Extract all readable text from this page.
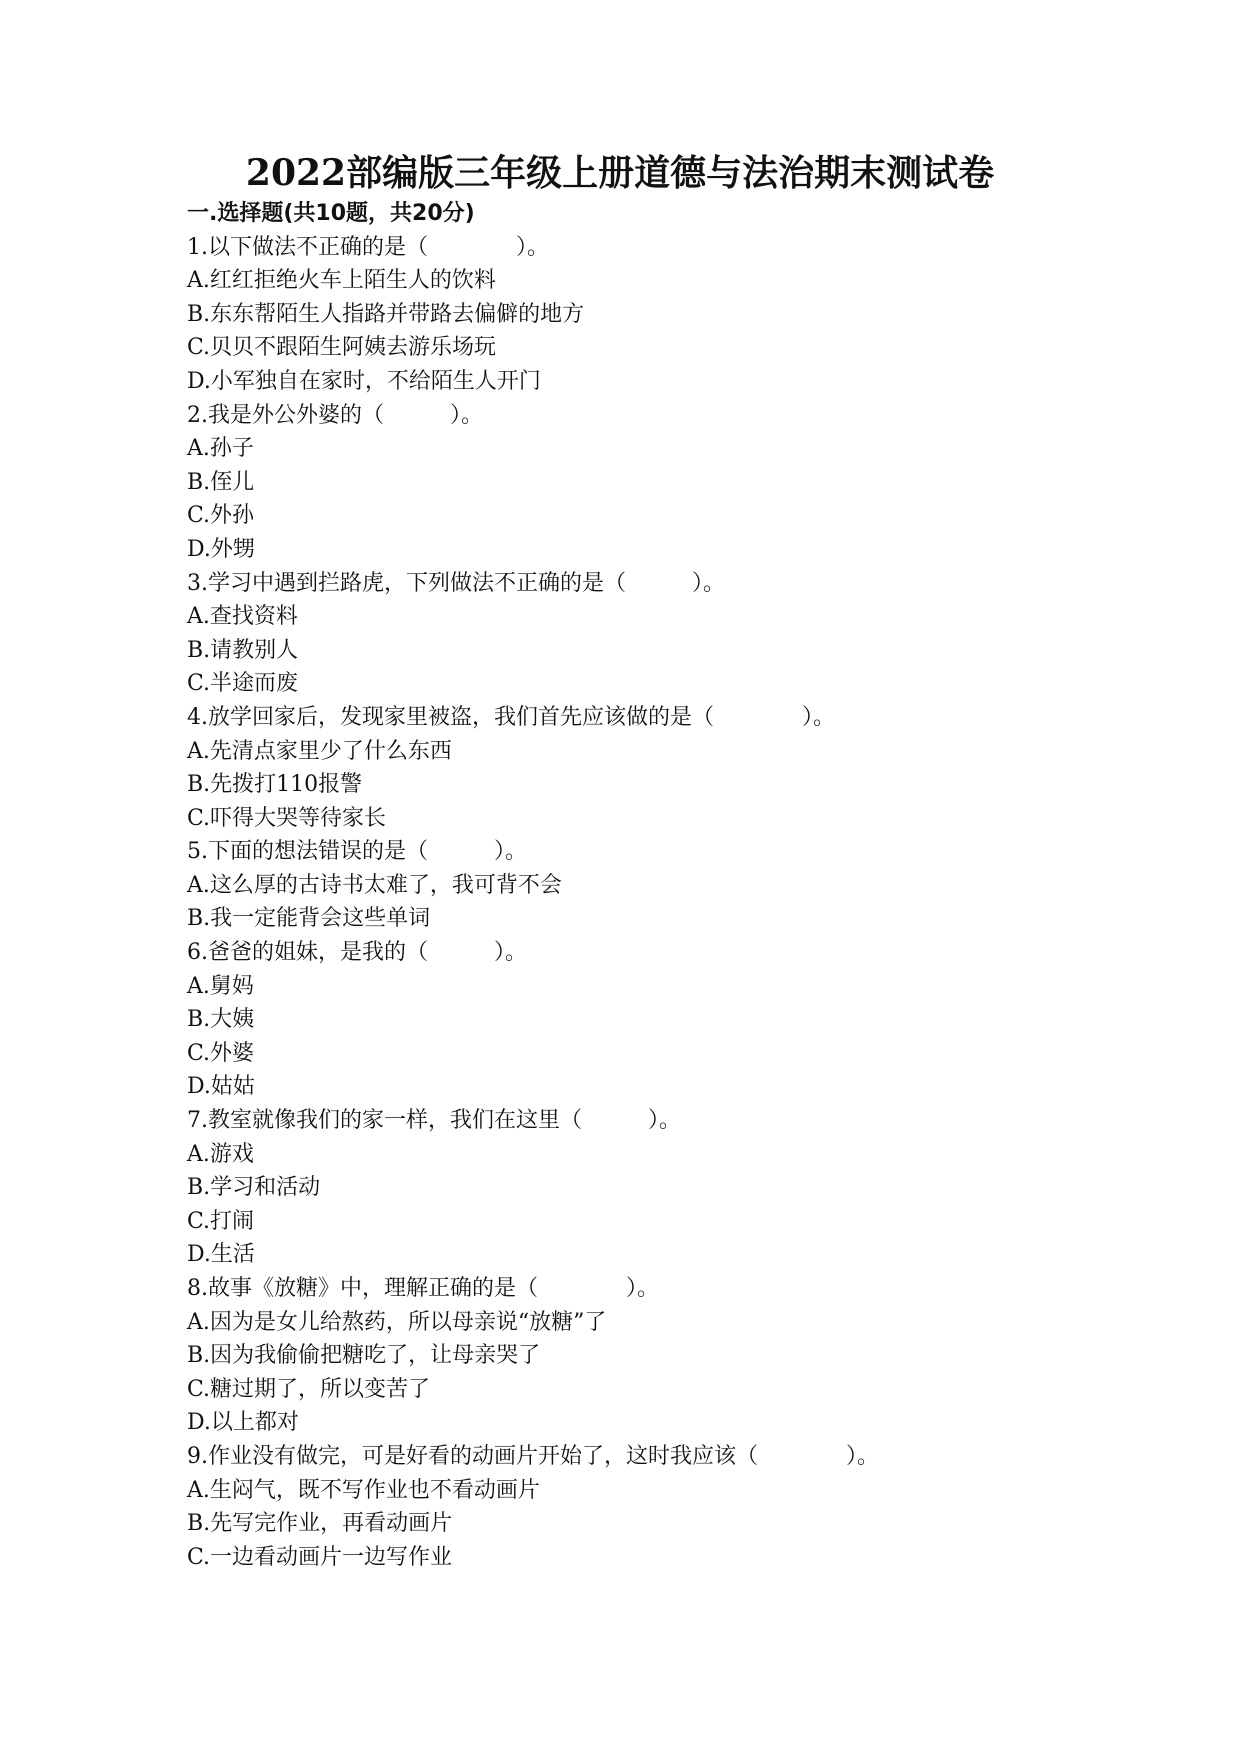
2022部编版三年级上册道德与法治期末测试卷
一.选择题(共10题，共20分)
1.以下做法不正确的是（　　　　）。
A.红红拒绝火车上陌生人的饮料
B.东东帮陌生人指路并带路去偏僻的地方
C.贝贝不跟陌生阿姨去游乐场玩
D.小军独自在家时，不给陌生人开门
2.我是外公外婆的（　　　）。
A.孙子
B.侄儿
C.外孙
D.外甥
3.学习中遇到拦路虎，下列做法不正确的是（　　　）。
A.查找资料
B.请教别人
C.半途而废
4.放学回家后，发现家里被盗，我们首先应该做的是（　　　　）。
A.先清点家里少了什么东西
B.先拨打110报警
C.吓得大哭等待家长
5.下面的想法错误的是（　　　）。
A.这么厚的古诗书太难了，我可背不会
B.我一定能背会这些单词
6.爸爸的姐妹，是我的（　　　）。
A.舅妈
B.大姨
C.外婆
D.姑姑
7.教室就像我们的家一样，我们在这里（　　　）。
A.游戏
B.学习和活动
C.打闹
D.生活
8.故事《放糖》中，理解正确的是（　　　　）。
A.因为是女儿给熬药，所以母亲说“放糖”了
B.因为我偷偷把糖吃了，让母亲哭了
C.糖过期了，所以变苦了
D.以上都对
9.作业没有做完，可是好看的动画片开始了，这时我应该（　　　　）。
A.生闷气，既不写作业也不看动画片
B.先写完作业，再看动画片
C.一边看动画片一边写作业
